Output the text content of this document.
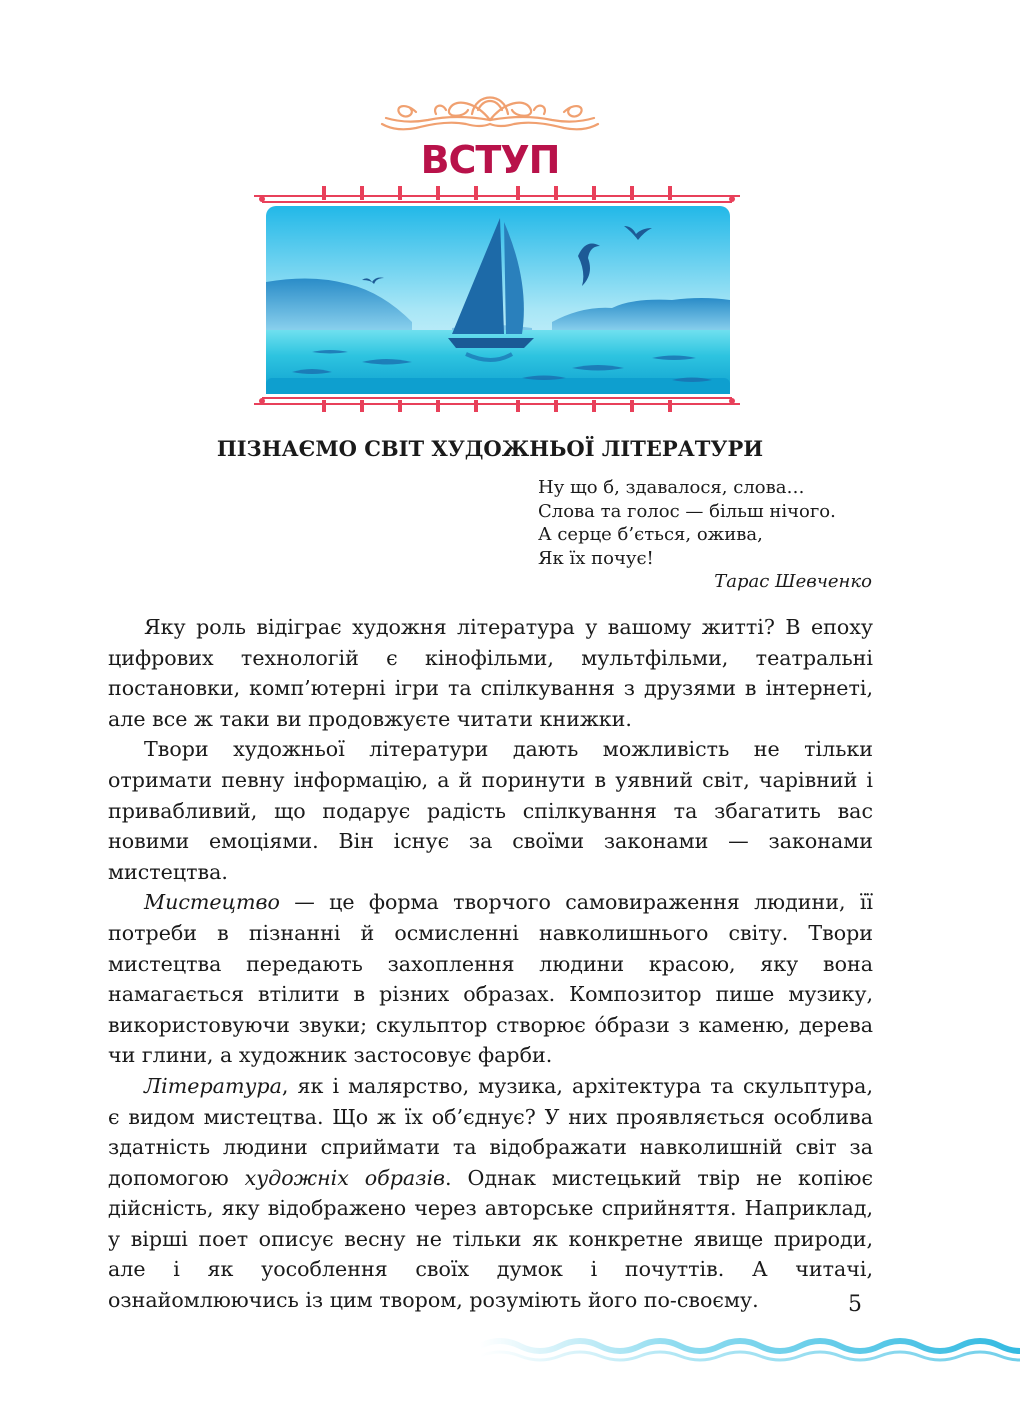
ВСТУП
ПІЗНАЄМО СВІТ ХУДОЖНЬОЇ ЛІТЕРАТУРИ
Ну що б, здавалося, слова…
Слова та голос — більш нічого.
А серце б’ється, ожива,
Як їх почує!
Тарас Шевченко

Яку роль відіграє художня література у вашому житті? В епоху цифрових технологій є кінофільми, мультфільми, театральні постановки, комп’ютерні ігри та спілкування з друзями в інтернеті, але все ж таки ви продовжуєте читати книжки.

Твори художньої літератури дають можливість не тільки отримати певну інформацію, а й поринути в уявний світ, чарівний і привабливий, що подарує радість спілкування та збагатить вас новими емоціями. Він існує за своїми законами — законами мистецтва.

Мистецтво — це форма творчого самовираження людини, її потреби в пізнанні й осмисленні навколишнього світу. Твори мистецтва передають захоплення людини красою, яку вона намагається втілити в різних образах. Композитор пише музику, використовуючи звуки; скульптор створює о́брази з каменю, дерева чи глини, а художник застосовує фарби.

Література, як і малярство, музика, архітектура та скульптура, є видом мистецтва. Що ж їх об’єднує? У них проявляється особлива здатність людини сприймати та відображати навколишній світ за допомогою художніх образів. Однак мистецький твір не копіює дійсність, яку відображено через авторське сприйняття. Наприклад, у вірші поет описує весну не тільки як конкретне явище природи, але і як уособлення своїх думок і почуттів. А читачі, ознайомлюючись із цим твором, розуміють його по-своєму.	5
